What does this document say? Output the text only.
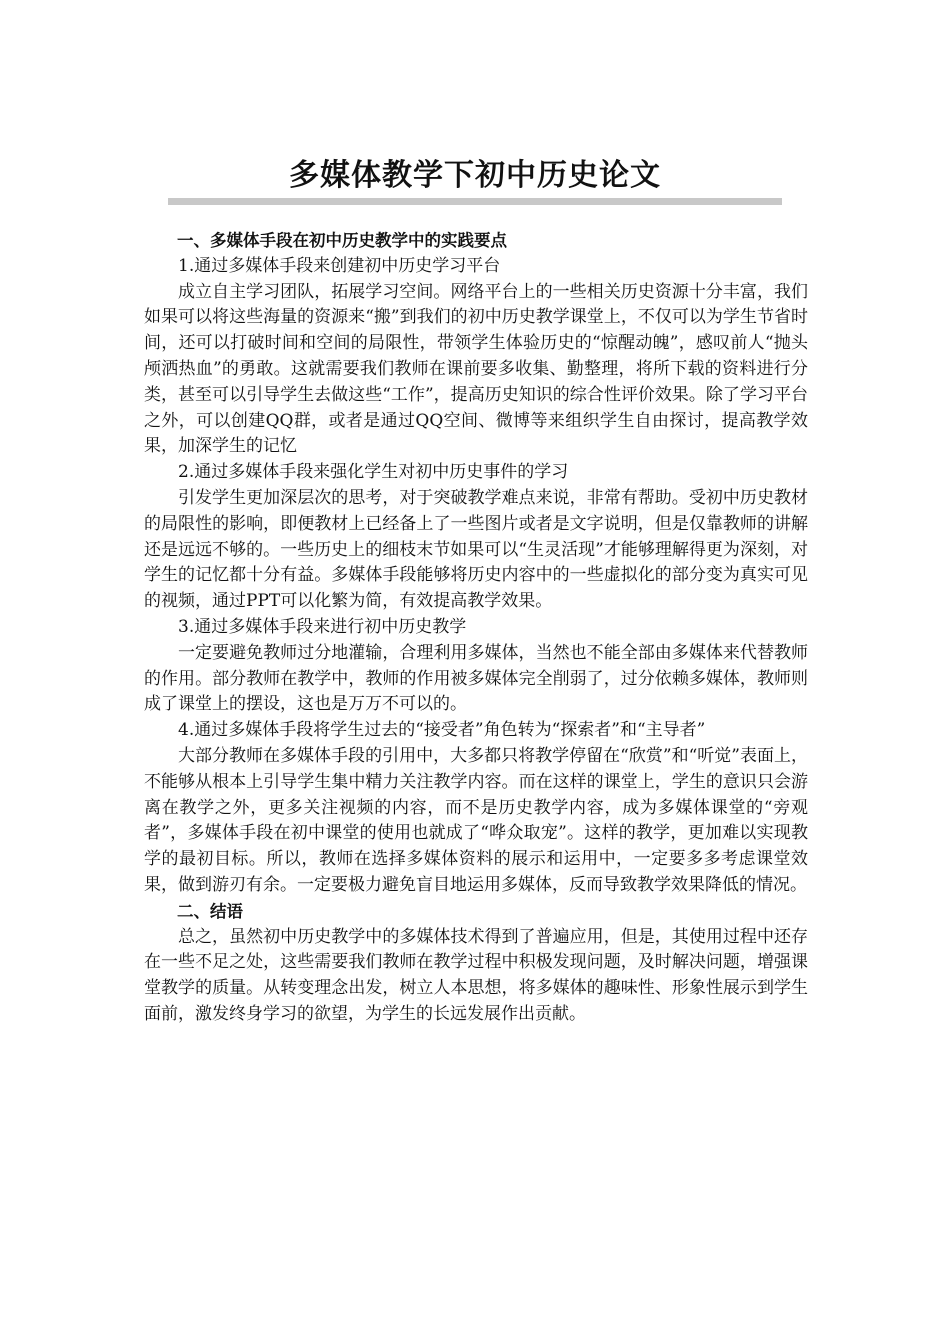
多媒体教学下初中历史论文

一、多媒体手段在初中历史教学中的实践要点

1.通过多媒体手段来创建初中历史学习平台

成立自主学习团队，拓展学习空间。网络平台上的一些相关历史资源十分丰富，我们如果可以将这些海量的资源来“搬”到我们的初中历史教学课堂上，不仅可以为学生节省时间，还可以打破时间和空间的局限性，带领学生体验历史的“惊醒动魄”，感叹前人“抛头颅洒热血”的勇敢。这就需要我们教师在课前要多收集、勤整理，将所下载的资料进行分类，甚至可以引导学生去做这些“工作”，提高历史知识的综合性评价效果。除了学习平台之外，可以创建QQ群，或者是通过QQ空间、微博等来组织学生自由探讨，提高教学效果，加深学生的记忆

2.通过多媒体手段来强化学生对初中历史事件的学习

引发学生更加深层次的思考，对于突破教学难点来说，非常有帮助。受初中历史教材的局限性的影响，即便教材上已经备上了一些图片或者是文字说明，但是仅靠教师的讲解还是远远不够的。一些历史上的细枝末节如果可以“生灵活现”才能够理解得更为深刻，对学生的记忆都十分有益。多媒体手段能够将历史内容中的一些虚拟化的部分变为真实可见的视频，通过PPT可以化繁为简，有效提高教学效果。

3.通过多媒体手段来进行初中历史教学

一定要避免教师过分地灌输，合理利用多媒体，当然也不能全部由多媒体来代替教师的作用。部分教师在教学中，教师的作用被多媒体完全削弱了，过分依赖多媒体，教师则成了课堂上的摆设，这也是万万不可以的。

4.通过多媒体手段将学生过去的“接受者”角色转为“探索者”和“主导者”

大部分教师在多媒体手段的引用中，大多都只将教学停留在“欣赏”和“听觉”表面上，不能够从根本上引导学生集中精力关注教学内容。而在这样的课堂上，学生的意识只会游离在教学之外，更多关注视频的内容，而不是历史教学内容，成为多媒体课堂的“旁观者”，多媒体手段在初中课堂的使用也就成了“哗众取宠”。这样的教学，更加难以实现教学的最初目标。所以，教师在选择多媒体资料的展示和运用中，一定要多多考虑课堂效果，做到游刃有余。一定要极力避免盲目地运用多媒体，反而导致教学效果降低的情况。

二、结语

总之，虽然初中历史教学中的多媒体技术得到了普遍应用，但是，其使用过程中还存在一些不足之处，这些需要我们教师在教学过程中积极发现问题，及时解决问题，增强课堂教学的质量。从转变理念出发，树立人本思想，将多媒体的趣味性、形象性展示到学生面前，激发终身学习的欲望，为学生的长远发展作出贡献。
